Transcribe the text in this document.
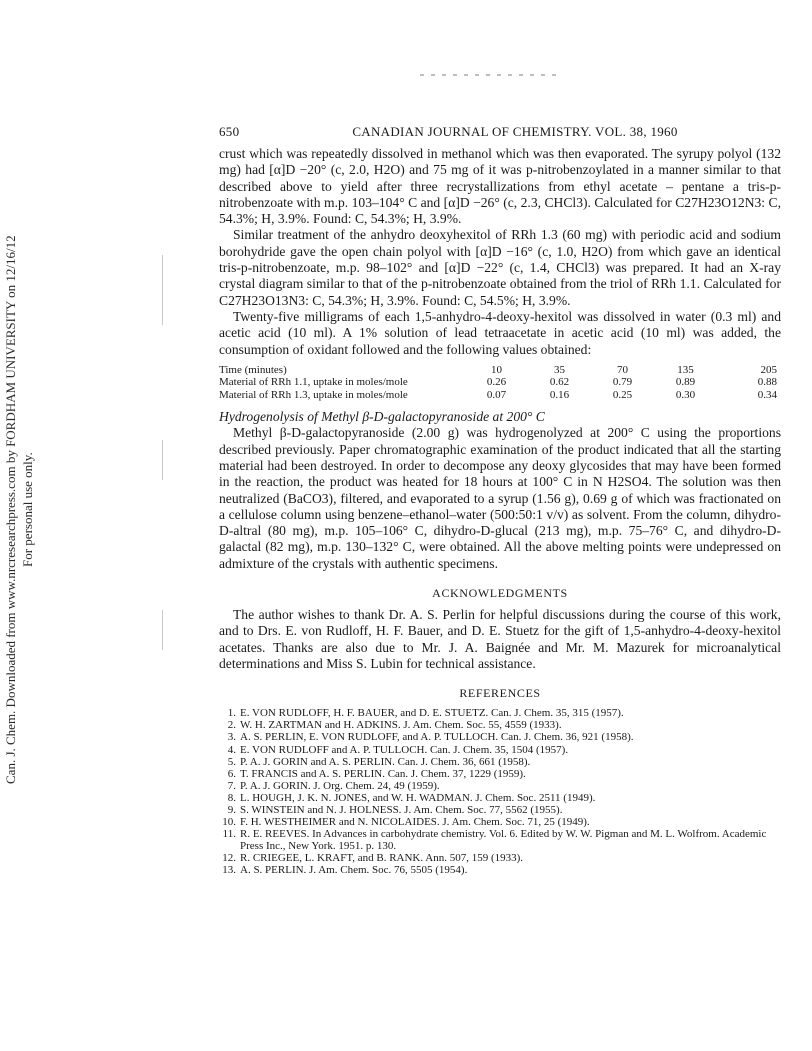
Can. J. Chem. Downloaded from www.nrcresearchpress.com by FORDHAM UNIVERSITY on 12/16/12 For personal use only.
650	CANADIAN JOURNAL OF CHEMISTRY. VOL. 38, 1960

crust which was repeatedly dissolved in methanol which was then evaporated. The syrupy polyol (132 mg) had [α]D −20° (c, 2.0, H2O) and 75 mg of it was p-nitrobenzoylated in a manner similar to that described above to yield after three recrystallizations from ethyl acetate – pentane a tris-p-nitrobenzoate with m.p. 103–104° C and [α]D −26° (c, 2.3, CHCl3). Calculated for C27H23O12N3: C, 54.3%; H, 3.9%. Found: C, 54.3%; H, 3.9%.

Similar treatment of the anhydro deoxyhexitol of RRh 1.3 (60 mg) with periodic acid and sodium borohydride gave the open chain polyol with [α]D −16° (c, 1.0, H2O) from which gave an identical tris-p-nitrobenzoate, m.p. 98–102° and [α]D −22° (c, 1.4, CHCl3) was prepared. It had an X-ray crystal diagram similar to that of the p-nitrobenzoate obtained from the triol of RRh 1.1. Calculated for C27H23O13N3: C, 54.3%; H, 3.9%. Found: C, 54.5%; H, 3.9%.

Twenty-five milligrams of each 1,5-anhydro-4-deoxy-hexitol was dissolved in water (0.3 ml) and acetic acid (10 ml). A 1% solution of lead tetraacetate in acetic acid (10 ml) was added, the consumption of oxidant followed and the following values obtained:

Time (minutes)	10	35	70	135	205
Material of RRh 1.1, uptake in moles/mole	0.26	0.62	0.79	0.89	0.88
Material of RRh 1.3, uptake in moles/mole	0.07	0.16	0.25	0.30	0.34
Hydrogenolysis of Methyl β-D-galactopyranoside at 200° C

Methyl β-D-galactopyranoside (2.00 g) was hydrogenolyzed at 200° C using the proportions described previously. Paper chromatographic examination of the product indicated that all the starting material had been destroyed. In order to decompose any deoxy glycosides that may have been formed in the reaction, the product was heated for 18 hours at 100° C in N H2SO4. The solution was then neutralized (BaCO3), filtered, and evaporated to a syrup (1.56 g), 0.69 g of which was fractionated on a cellulose column using benzene–ethanol–water (500:50:1 v/v) as solvent. From the column, dihydro-D-altral (80 mg), m.p. 105–106° C, dihydro-D-glucal (213 mg), m.p. 75–76° C, and dihydro-D-galactal (82 mg), m.p. 130–132° C, were obtained. All the above melting points were undepressed on admixture of the crystals with authentic specimens.

ACKNOWLEDGMENTS

The author wishes to thank Dr. A. S. Perlin for helpful discussions during the course of this work, and to Drs. E. von Rudloff, H. F. Bauer, and D. E. Stuetz for the gift of 1,5-anhydro-4-deoxy-hexitol acetates. Thanks are also due to Mr. J. A. Baignée and Mr. M. Mazurek for microanalytical determinations and Miss S. Lubin for technical assistance.

REFERENCES
1. E. VON RUDLOFF, H. F. BAUER, and D. E. STUETZ. Can. J. Chem. 35, 315 (1957).
2. W. H. ZARTMAN and H. ADKINS. J. Am. Chem. Soc. 55, 4559 (1933).
3. A. S. PERLIN, E. VON RUDLOFF, and A. P. TULLOCH. Can. J. Chem. 36, 921 (1958).
4. E. VON RUDLOFF and A. P. TULLOCH. Can. J. Chem. 35, 1504 (1957).
5. P. A. J. GORIN and A. S. PERLIN. Can. J. Chem. 36, 661 (1958).
6. T. FRANCIS and A. S. PERLIN. Can. J. Chem. 37, 1229 (1959).
7. P. A. J. GORIN. J. Org. Chem. 24, 49 (1959).
8. L. HOUGH, J. K. N. JONES, and W. H. WADMAN. J. Chem. Soc. 2511 (1949).
9. S. WINSTEIN and N. J. HOLNESS. J. Am. Chem. Soc. 77, 5562 (1955).
10. F. H. WESTHEIMER and N. NICOLAIDES. J. Am. Chem. Soc. 71, 25 (1949).
11. R. E. REEVES. In Advances in carbohydrate chemistry. Vol. 6. Edited by W. W. Pigman and M. L. Wolfrom. Academic Press Inc., New York. 1951. p. 130.
12. R. CRIEGEE, L. KRAFT, and B. RANK. Ann. 507, 159 (1933).
13. A. S. PERLIN. J. Am. Chem. Soc. 76, 5505 (1954).
